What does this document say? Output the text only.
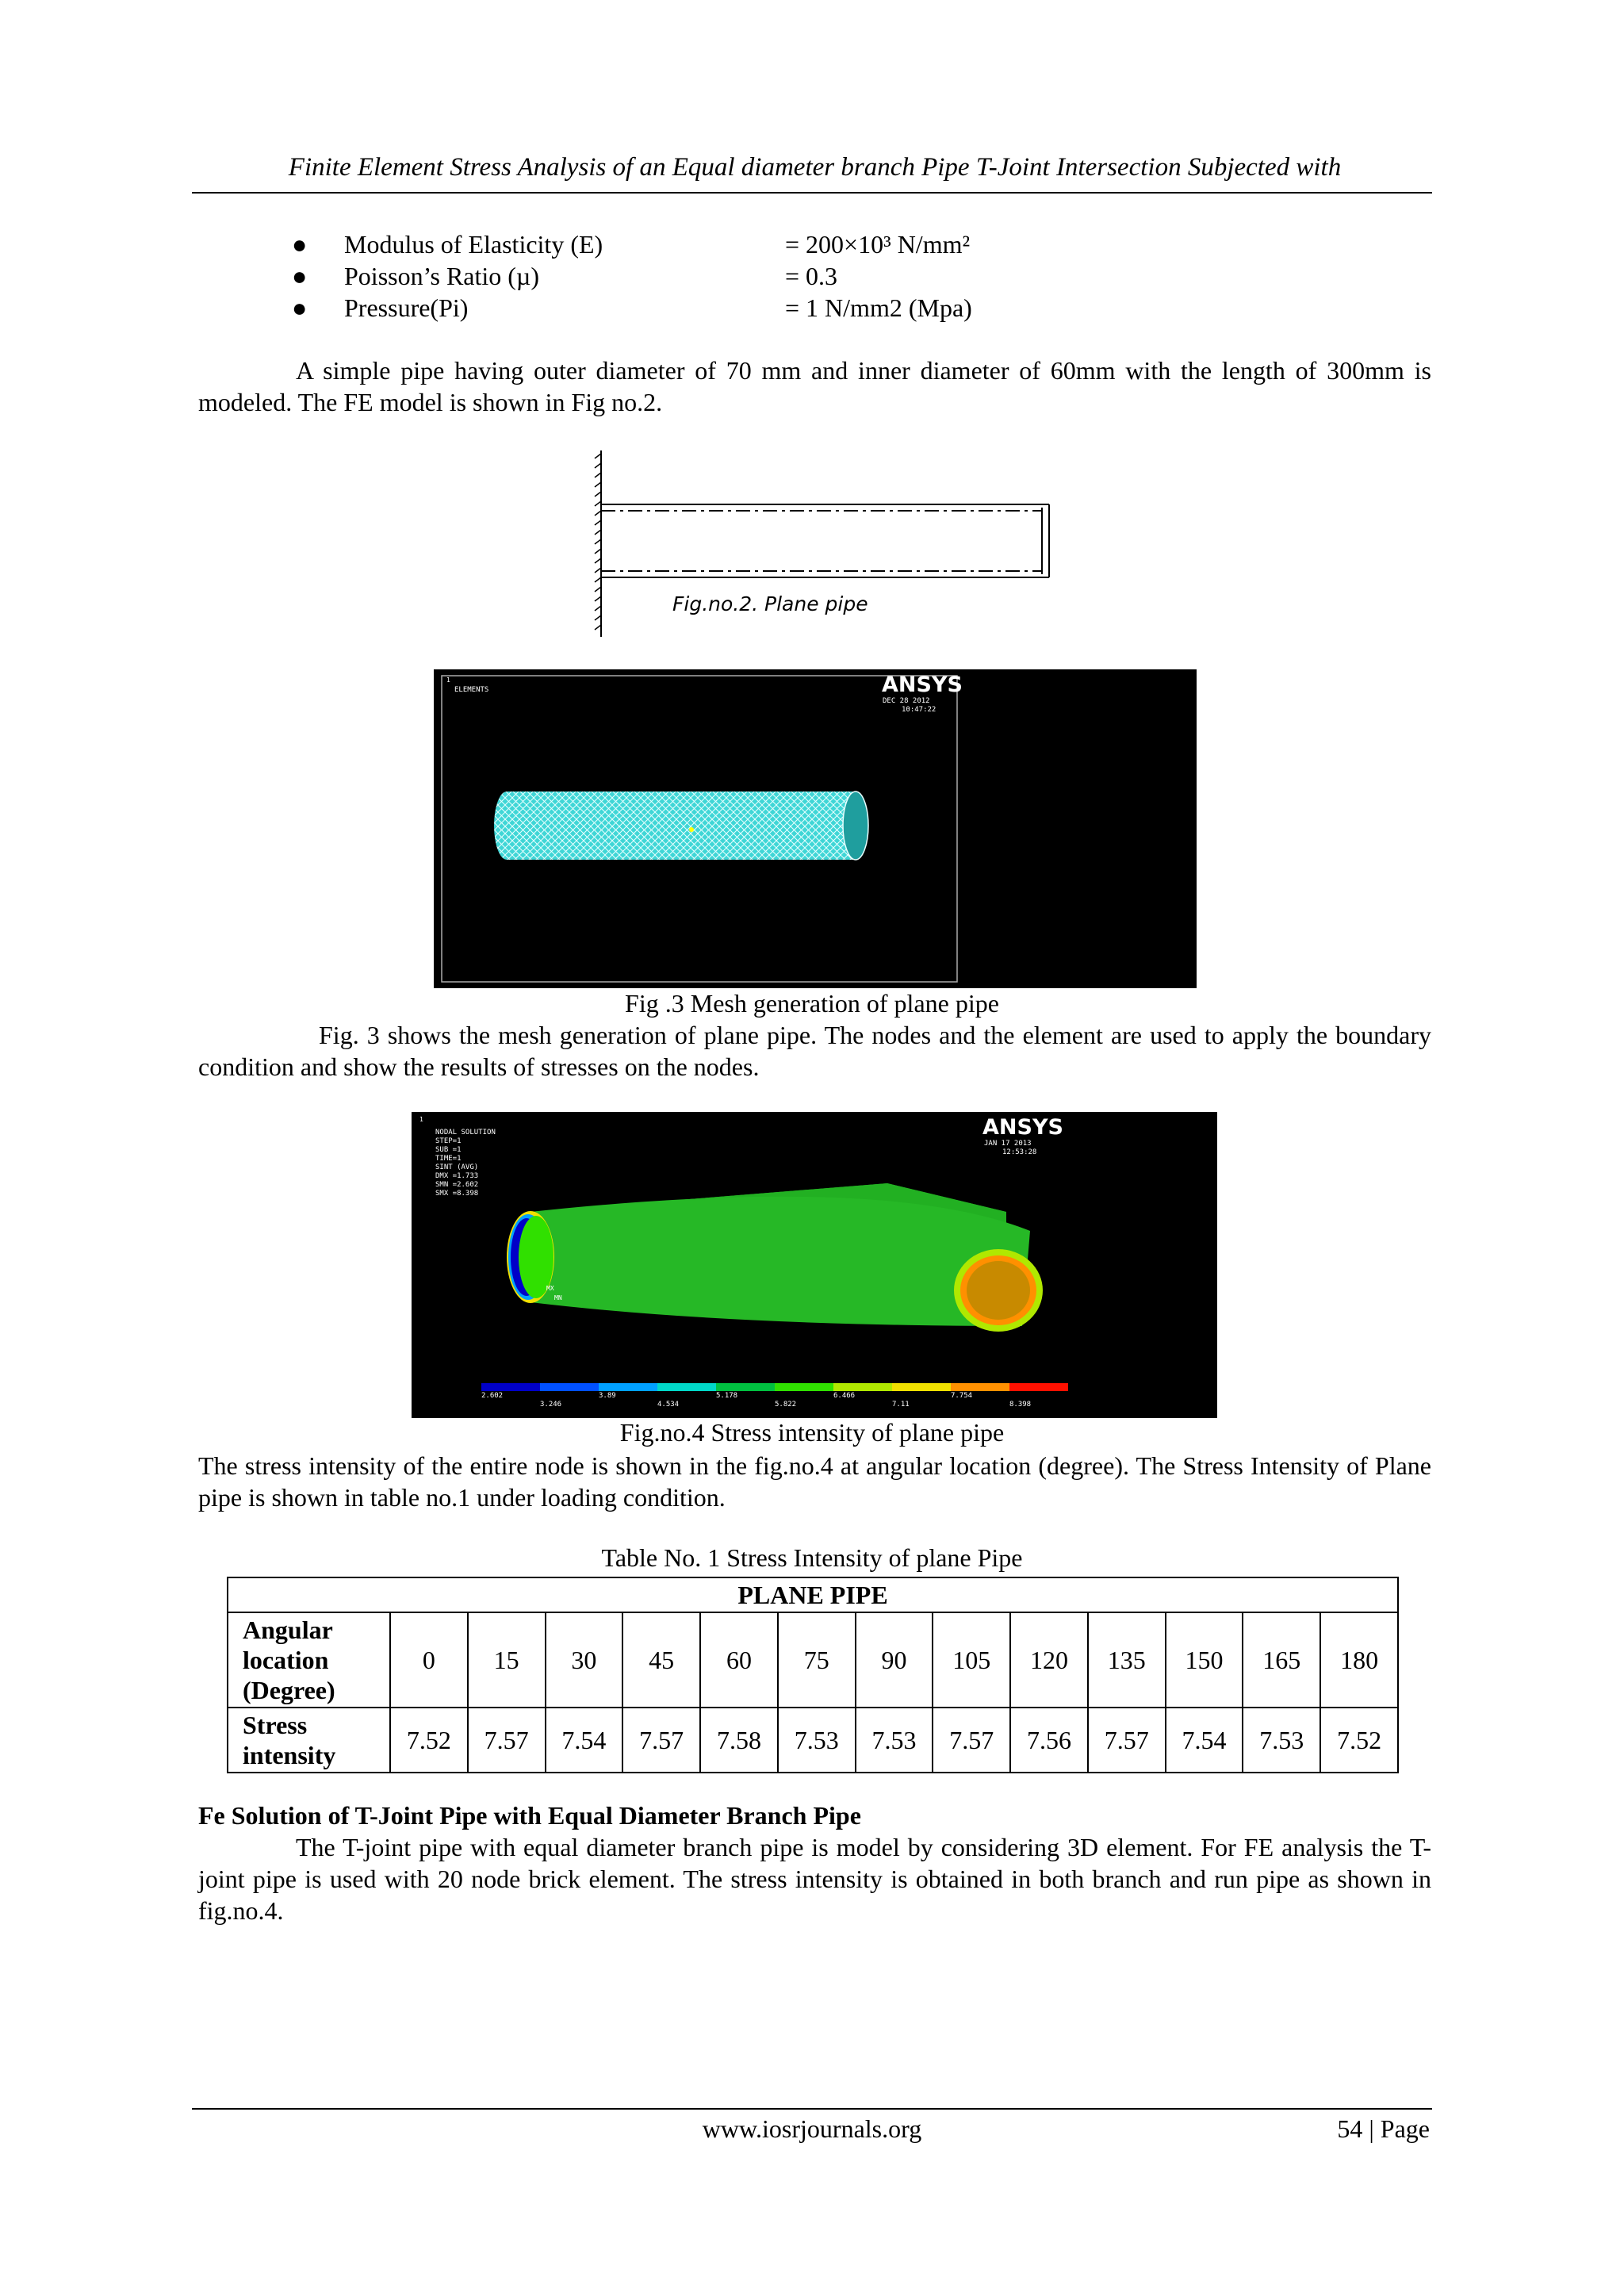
Finite Element Stress Analysis of an Equal diameter branch Pipe T-Joint Intersection Subjected with
● Modulus of Elasticity (E)	= 200×10³ N/mm²
● Poisson’s Ratio (µ)	= 0.3
● Pressure(Pi)	= 1 N/mm2 (Mpa)
A simple pipe having outer diameter of 70 mm and inner diameter of 60mm with the length of 300mm is modeled. The FE model is shown in Fig no.2.
Fig.no.2. Plane pipe
1
ELEMENTS	ANSYS
DEC 28 2012
10:47:22
Fig .3 Mesh generation of plane pipe
Fig. 3 shows the mesh generation of plane pipe. The nodes and the element are used to apply the boundary condition and show the results of stresses on the nodes.
1
NODAL SOLUTION
STEP=1
SUB =1
TIME=1
SINT (AVG)
DMX =1.733
SMN =2.602
SMX =8.398
ANSYS
JAN 17 2013
12:53:28
MX
MN
2.602	3.89	5.178	6.466	7.754
3.246	4.534	5.822	7.11	8.398
Fig.no.4 Stress intensity of plane pipe
The stress intensity of the entire node is shown in the fig.no.4 at angular location (degree). The Stress Intensity of Plane pipe is shown in table no.1 under loading condition.
Table No. 1 Stress Intensity of plane Pipe
PLANE PIPE													
Angular location (Degree)	0	15	30	45	60	75	90	105	120	135	150	165	180
Stress intensity	7.52	7.57	7.54	7.57	7.58	7.53	7.53	7.57	7.56	7.57	7.54	7.53	7.52
Fe Solution of T-Joint Pipe with Equal Diameter Branch Pipe
The T-joint pipe with equal diameter branch pipe is model by considering 3D element. For FE analysis the T-joint pipe is used with 20 node brick element. The stress intensity is obtained in both branch and run pipe as shown in fig.no.4.
www.iosrjournals.org	54 | Page
